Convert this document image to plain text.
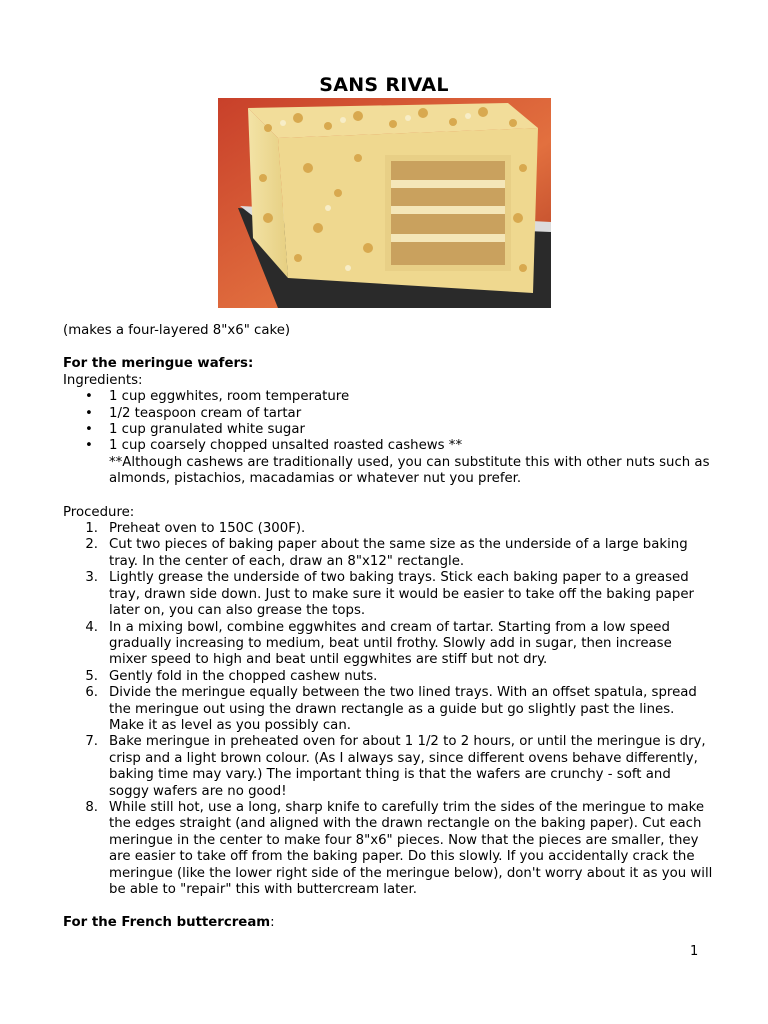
SANS RIVAL

(makes a four-layered 8"x6" cake)

For the meringue wafers:

Ingredients:

• 1 cup eggwhites, room temperature
• 1/2 teaspoon cream of tartar
• 1 cup granulated white sugar
• 1 cup coarsely chopped unsalted roasted cashews **
**Although cashews are traditionally used, you can substitute this with other nuts such as almonds, pistachios, macadamias or whatever nut you prefer.

Procedure:

1. Preheat oven to 150C (300F).
2. Cut two pieces of baking paper about the same size as the underside of a large baking tray. In the center of each, draw an 8"x12" rectangle.
3. Lightly grease the underside of two baking trays. Stick each baking paper to a greased tray, drawn side down. Just to make sure it would be easier to take off the baking paper later on, you can also grease the tops.
4. In a mixing bowl, combine eggwhites and cream of tartar. Starting from a low speed gradually increasing to medium, beat until frothy. Slowly add in sugar, then increase mixer speed to high and beat until eggwhites are stiff but not dry.
5. Gently fold in the chopped cashew nuts.
6. Divide the meringue equally between the two lined trays. With an offset spatula, spread the meringue out using the drawn rectangle as a guide but go slightly past the lines. Make it as level as you possibly can.
7. Bake meringue in preheated oven for about 1 1/2 to 2 hours, or until the meringue is dry, crisp and a light brown colour. (As I always say, since different ovens behave differently, baking time may vary.) The important thing is that the wafers are crunchy - soft and soggy wafers are no good!
8. While still hot, use a long, sharp knife to carefully trim the sides of the meringue to make the edges straight (and aligned with the drawn rectangle on the baking paper). Cut each meringue in the center to make four 8"x6" pieces. Now that the pieces are smaller, they are easier to take off from the baking paper. Do this slowly. If you accidentally crack the meringue (like the lower right side of the meringue below), don't worry about it as you will be able to "repair" this with buttercream later.

For the French buttercream:

1
